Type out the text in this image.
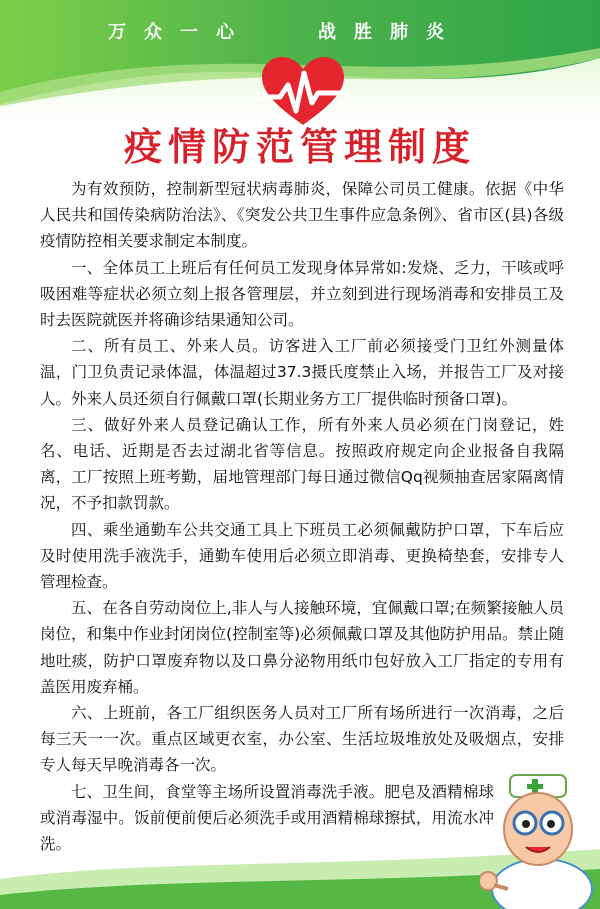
万众一心	战胜肺炎
疫情防范管理制度

为有效预防，控制新型冠状病毒肺炎，保障公司员工健康。依据《中华人民共和国传染病防治法》、《突发公共卫生事件应急条例》、省市区(县)各级疫情防控相关要求制定本制度。

一、全体员工上班后有任何员工发现身体异常如:发烧、乏力，干咳或呼吸困难等症状必须立刻上报各管理层，并立刻到进行现场消毒和安排员工及时去医院就医并将确诊结果通知公司。

二、所有员工、外来人员。访客进入工厂前必须接受门卫红外测量体温，门卫负责记录体温，体温超过37.3摄氏度禁止入场，并报告工厂及对接人。外来人员还须自行佩戴口罩(长期业务方工厂提供临时预备口罩)。

三、做好外来人员登记确认工作，所有外来人员必须在门岗登记，姓名、电话、近期是否去过湖北省等信息。按照政府规定向企业报备自我隔离，工厂按照上班考勤，届地管理部门每日通过微信Qq视频抽查居家隔离情况，不予扣款罚款。

四、乘坐通勤车公共交通工具上下班员工必须佩戴防护口罩，下车后应及时使用洗手液洗手，通勤车使用后必须立即消毒、更换椅垫套，安排专人管理检查。

五、在各自劳动岗位上,非人与人接触环境，宜佩戴口罩;在频繁接触人员岗位，和集中作业封闭岗位(控制室等)必须佩戴口罩及其他防护用品。禁止随地吐痰，防护口罩废弃物以及口鼻分泌物用纸巾包好放入工厂指定的专用有盖医用废弃桶。

六、上班前，各工厂组织医务人员对工厂所有场所进行一次消毒，之后每三天一一次。重点区域更衣室，办公室、生活垃圾堆放处及吸烟点，安排专人每天早晚消毒各一次。

七、卫生间，食堂等主场所设置消毒洗手液。肥皂及酒精棉球或消毒湿中。饭前便前便后必须洗手或用酒精棉球擦拭，用流水冲洗。
